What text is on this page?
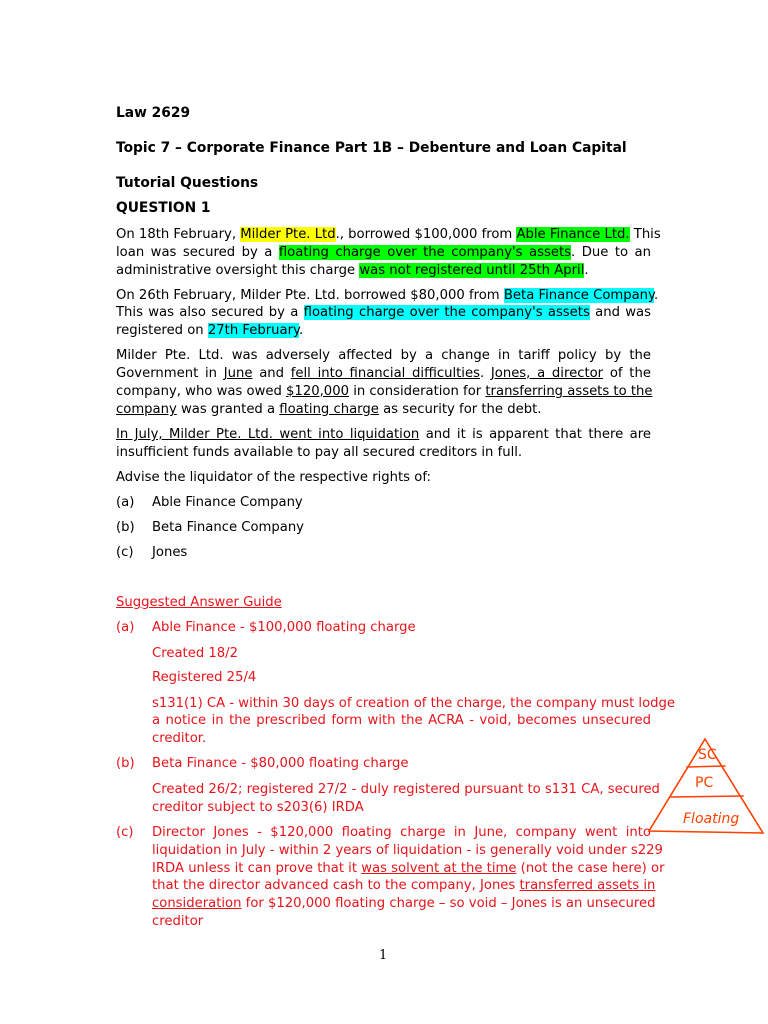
Law 2629
Topic 7 – Corporate Finance Part 1B – Debenture and Loan Capital
Tutorial Questions
QUESTION 1
On 18th February, Milder Pte. Ltd., borrowed $100,000 from Able Finance Ltd. This
loan was secured by a floating charge over the company's assets. Due to an
administrative oversight this charge was not registered until 25th April.
On 26th February, Milder Pte. Ltd. borrowed $80,000 from Beta Finance Company.
This was also secured by a floating charge over the company's assets and was
registered on 27th February.
Milder Pte. Ltd. was adversely affected by a change in tariff policy by the
Government in June and fell into financial difficulties. Jones, a director of the
company, who was owed $120,000 in consideration for transferring assets to the
company was granted a floating charge as security for the debt.
In July, Milder Pte. Ltd. went into liquidation and it is apparent that there are
insufficient funds available to pay all secured creditors in full.
Advise the liquidator of the respective rights of:
(a) Able Finance Company
(b) Beta Finance Company
(c) Jones
Suggested Answer Guide
(a) Able Finance - $100,000 floating charge
Created 18/2
Registered 25/4
s131(1) CA - within 30 days of creation of the charge, the company must lodge
a notice in the prescribed form with the ACRA - void, becomes unsecured
creditor.
(b) Beta Finance - $80,000 floating charge
Created 26/2; registered 27/2 - duly registered pursuant to s131 CA, secured
creditor subject to s203(6) IRDA
(c) Director Jones - $120,000 floating charge in June, company went into
liquidation in July - within 2 years of liquidation - is generally void under s229
IRDA unless it can prove that it was solvent at the time (not the case here) or
that the director advanced cash to the company, Jones transferred assets in
consideration for $120,000 floating charge – so void – Jones is an unsecured
creditor
1
SC
PC
Floating
